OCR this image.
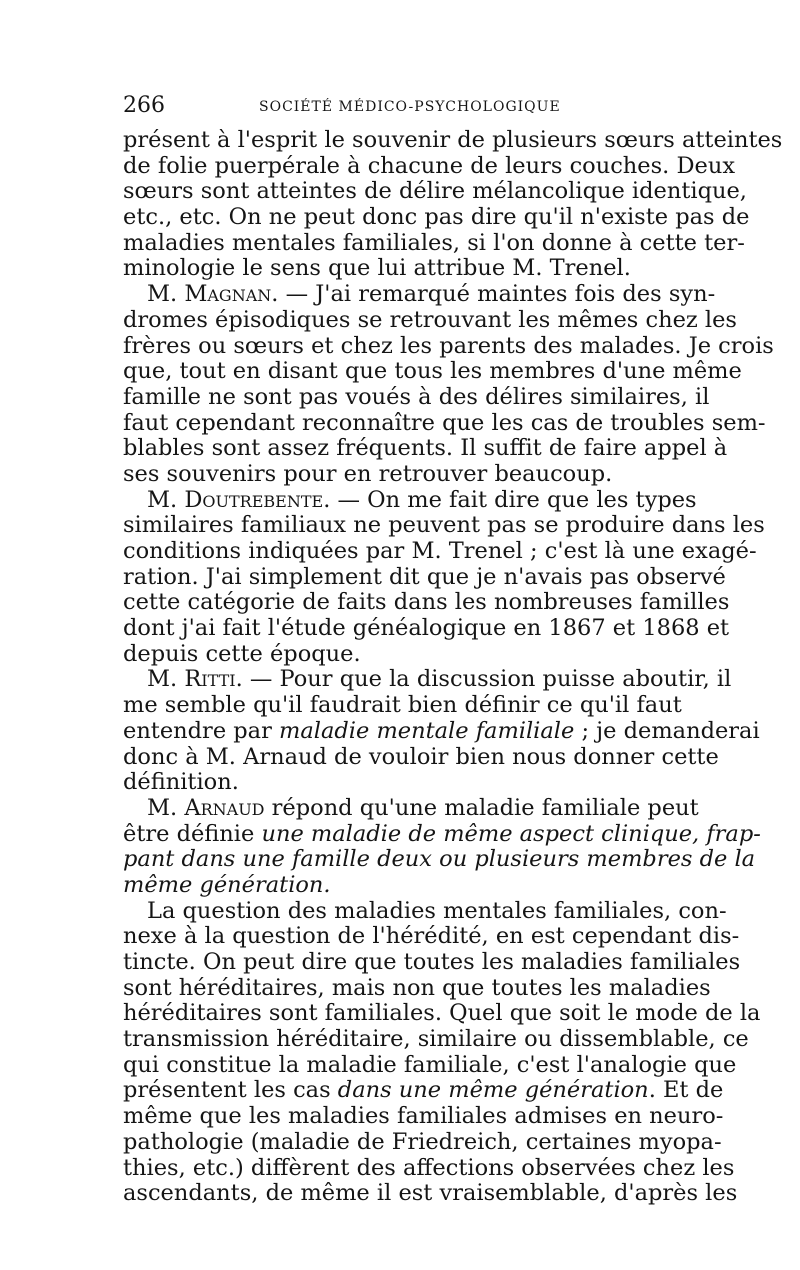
266	SOCIÉTÉ MÉDICO-PSYCHOLOGIQUE
présent à l'esprit le souvenir de plusieurs sœurs atteintes
de folie puerpérale à chacune de leurs couches. Deux
sœurs sont atteintes de délire mélancolique identique,
etc., etc. On ne peut donc pas dire qu'il n'existe pas de
maladies mentales familiales, si l'on donne à cette ter-
minologie le sens que lui attribue M. Trenel.
M. Magnan. — J'ai remarqué maintes fois des syn-
dromes épisodiques se retrouvant les mêmes chez les
frères ou sœurs et chez les parents des malades. Je crois
que, tout en disant que tous les membres d'une même
famille ne sont pas voués à des délires similaires, il
faut cependant reconnaître que les cas de troubles sem-
blables sont assez fréquents. Il suffit de faire appel à
ses souvenirs pour en retrouver beaucoup.
M. Doutrebente. — On me fait dire que les types
similaires familiaux ne peuvent pas se produire dans les
conditions indiquées par M. Trenel ; c'est là une exagé-
ration. J'ai simplement dit que je n'avais pas observé
cette catégorie de faits dans les nombreuses familles
dont j'ai fait l'étude généalogique en 1867 et 1868 et
depuis cette époque.
M. Ritti. — Pour que la discussion puisse aboutir, il
me semble qu'il faudrait bien définir ce qu'il faut
entendre par maladie mentale familiale ; je demanderai
donc à M. Arnaud de vouloir bien nous donner cette
définition.
M. Arnaud répond qu'une maladie familiale peut
être définie une maladie de même aspect clinique, frap-
pant dans une famille deux ou plusieurs membres de la
même génération.
La question des maladies mentales familiales, con-
nexe à la question de l'hérédité, en est cependant dis-
tincte. On peut dire que toutes les maladies familiales
sont héréditaires, mais non que toutes les maladies
héréditaires sont familiales. Quel que soit le mode de la
transmission héréditaire, similaire ou dissemblable, ce
qui constitue la maladie familiale, c'est l'analogie que
présentent les cas dans une même génération. Et de
même que les maladies familiales admises en neuro-
pathologie (maladie de Friedreich, certaines myopa-
thies, etc.) diffèrent des affections observées chez les
ascendants, de même il est vraisemblable, d'après les
